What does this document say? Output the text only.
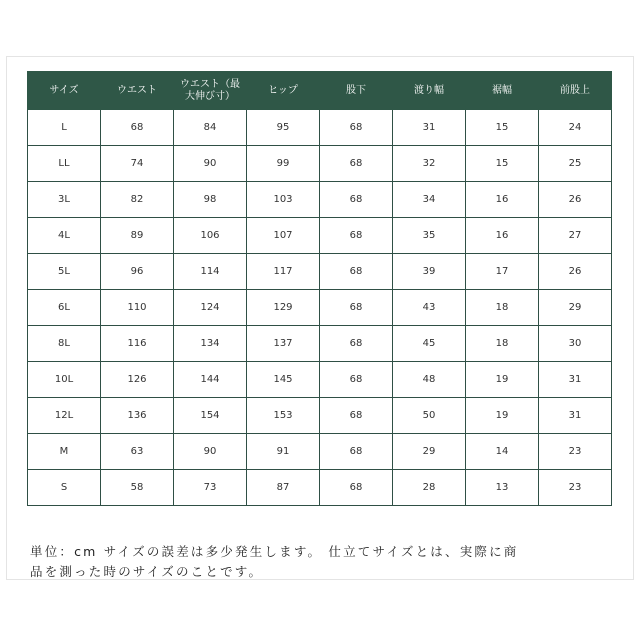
サイズ	ウエスト	ウエスト（最大伸び寸）	ヒップ	股下	渡り幅	裾幅	前股上
L	68	84	95	68	31	15	24
LL	74	90	99	68	32	15	25
3L	82	98	103	68	34	16	26
4L	89	106	107	68	35	16	27
5L	96	114	117	68	39	17	26
6L	110	124	129	68	43	18	29
8L	116	134	137	68	45	18	30
10L	126	144	145	68	48	19	31
12L	136	154	153	68	50	19	31
M	63	90	91	68	29	14	23
S	58	73	87	68	28	13	23
単位：cm サイズの誤差は多少発生します。 仕立てサイズとは、実際に商
品を測った時のサイズのことです。
